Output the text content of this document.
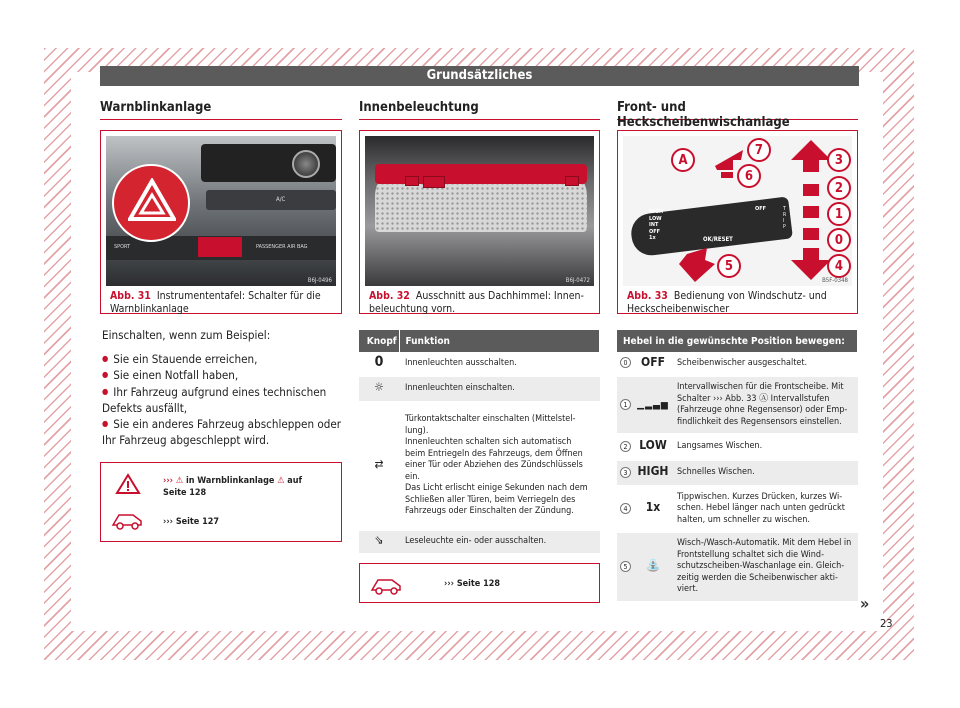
Grundsätzliches
Warnblinkanlage
A/C
SPORT	PASSENGER AIR BAG
B6J-0496
Abb. 31 Instrumententafel: Schalter für die Warnblinkanlage
Einschalten, wenn zum Beispiel:
● Sie ein Stauende erreichen,
● Sie einen Notfall haben,
● Ihr Fahrzeug aufgrund eines technischen Defekts ausfällt,
● Sie ein anderes Fahrzeug abschleppen oder Ihr Fahrzeug abgeschleppt wird.
››› ⚠ in Warnblinkanlage ⚠ auf
Seite 128
››› Seite 127
Innenbeleuchtung
B6J-0472
Abb. 32 Ausschnitt aus Dachhimmel: Innenbeleuchtung vorn.
Knopf	Funktion
0	Innenleuchten ausschalten.
☼	Innenleuchten einschalten.
⇄	Türkontaktschalter einschalten (Mittelstellung).
Innenleuchten schalten sich automatisch beim Entriegeln des Fahrzeugs, dem Öffnen einer Tür oder Abziehen des Zündschlüssels ein.
Das Licht erlischt einige Sekunden nach dem Schließen aller Türen, beim Verriegeln des Fahrzeugs oder Einschalten der Zündung.
⇘	Leseleuchte ein- oder ausschalten.
››› Seite 128
Front- und Heckscheibenwischanlage
HIGH
LOW
INT
OFF
1x
OFF
OK/RESET
T R I P
A
7
6
3
2
1
0
4
5
B5F-0348
Abb. 33 Bedienung von Windschutz- und Heckscheibenwischer
Hebel in die gewünschte Position bewegen:		
0	OFF	Scheibenwischer ausgeschaltet.
1	▁▂▃▅	Intervallwischen für die Frontscheibe. Mit Schalter ››› Abb. 33 Ⓐ Intervallstufen (Fahrzeuge ohne Regensensor) oder Empfindlichkeit des Regensensors einstellen.
2	LOW	Langsames Wischen.
3	HIGH	Schnelles Wischen.
4	1x	Tippwischen. Kurzes Drücken, kurzes Wischen. Hebel länger nach unten gedrückt halten, um schneller zu wischen.
5	⛲	Wisch-/Wasch-Automatik. Mit dem Hebel in Frontstellung schaltet sich die Windschutzscheiben-Waschanlage ein. Gleichzeitig werden die Scheibenwischer aktiviert.
»
23
